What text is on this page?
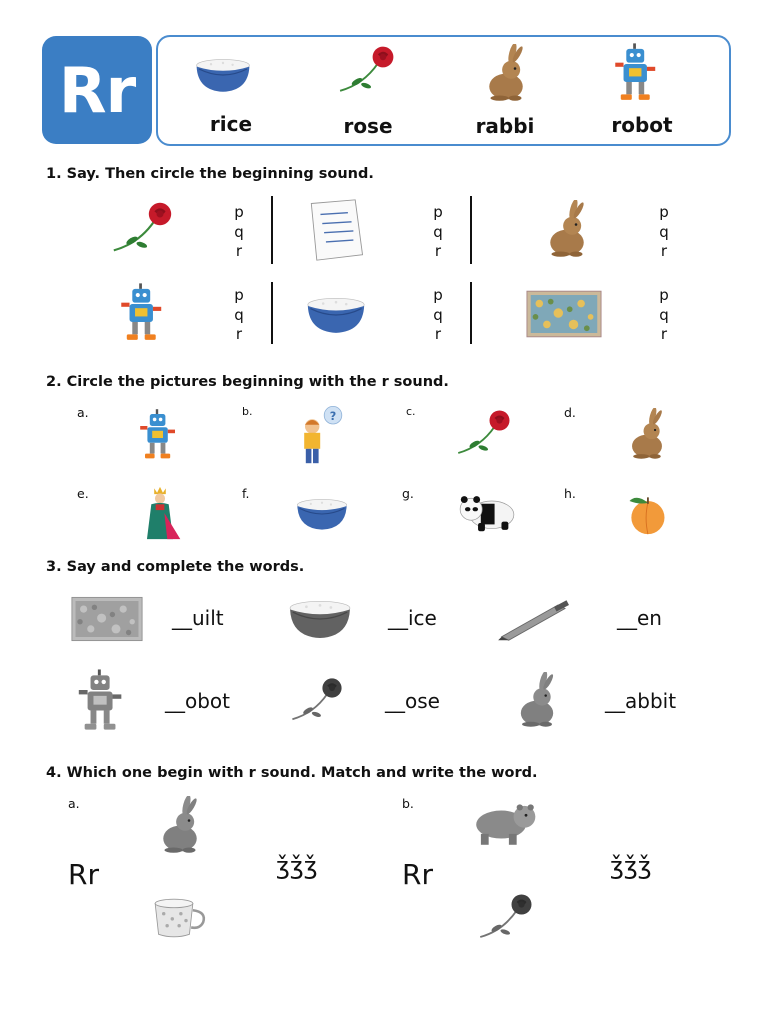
Rr	rice	rose	rabbi	robot
1. Say. Then circle the beginning sound.
p
q
r
p
q
r
p
q
r
p
q
r
p
q
r
p
q
r
2. Circle the pictures beginning with the r sound.
a.	b.	c.	d.
e.	f.	g.	h.
3. Say and complete the words.
__uilt	__ice	__en
__obot	__ose	__abbit
4. Which one begin with r sound. Match and write the word.
a.
Rr	ǯǯǯ
b.
Rr	ǯǯǯ
